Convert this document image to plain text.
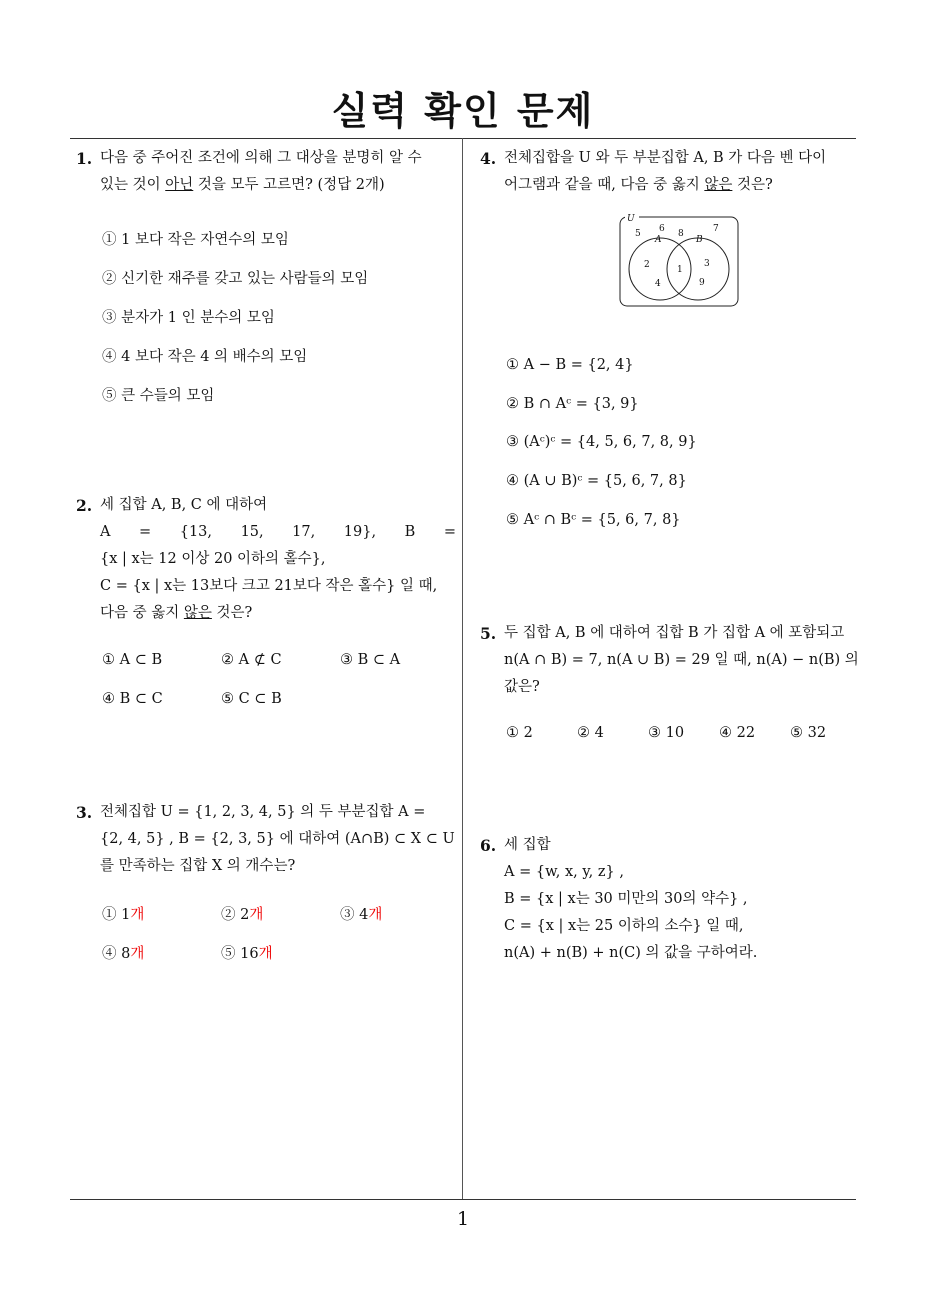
실력 확인 문제
1
1. 다음 중 주어진 조건에 의해 그 대상을 분명히 알 수

있는 것이 아닌 것을 모두 고르면? (정답 2개)

① 1 보다 작은 자연수의 모임
② 신기한 재주를 갖고 있는 사람들의 모임
③ 분자가 1 인 분수의 모임
④ 4 보다 작은 4 의 배수의 모임
⑤ 큰 수들의 모임
2. 세 집합 A, B, C 에 대하여

A = {13, 15, 17, 19}, B =

{x | x는 12 이상 20 이하의 홀수},

C = {x | x는 13보다 크고 21보다 작은 홀수} 일 때,

다음 중 옳지 않은 것은?

① A ⊂ B	② A ⊄ C	③ B ⊂ A
④ B ⊂ C	⑤ C ⊂ B
3. 전체집합 U = {1, 2, 3, 4, 5} 의 두 부분집합 A =

{2, 4, 5} , B = {2, 3, 5} 에 대하여 (A∩B) ⊂ X ⊂ U

를 만족하는 집합 X 의 개수는?

① 1개	② 2개	③ 4개
④ 8개	⑤ 16개
4. 전체집합을 U 와 두 부분집합 A, B 가 다음 벤 다이

어그램과 같을 때, 다음 중 옳지 않은 것은?

U
A	B
5 6 8	7
2
4
1
3
9
① A − B = {2, 4}
② B ∩ Aᶜ = {3, 9}
③ (Aᶜ)ᶜ = {4, 5, 6, 7, 8, 9}
④ (A ∪ B)ᶜ = {5, 6, 7, 8}
⑤ Aᶜ ∩ Bᶜ = {5, 6, 7, 8}
5. 두 집합 A, B 에 대하여 집합 B 가 집합 A 에 포함되고

n(A ∩ B) = 7, n(A ∪ B) = 29 일 때, n(A) − n(B) 의

값은?

① 2	② 4	③ 10 ④ 22 ⑤ 32
6. 세 집합

A = {w, x, y, z} ,

B = {x | x는 30 미만의 30의 약수} ,

C = {x | x는 25 이하의 소수} 일 때,

n(A) + n(B) + n(C) 의 값을 구하여라.
